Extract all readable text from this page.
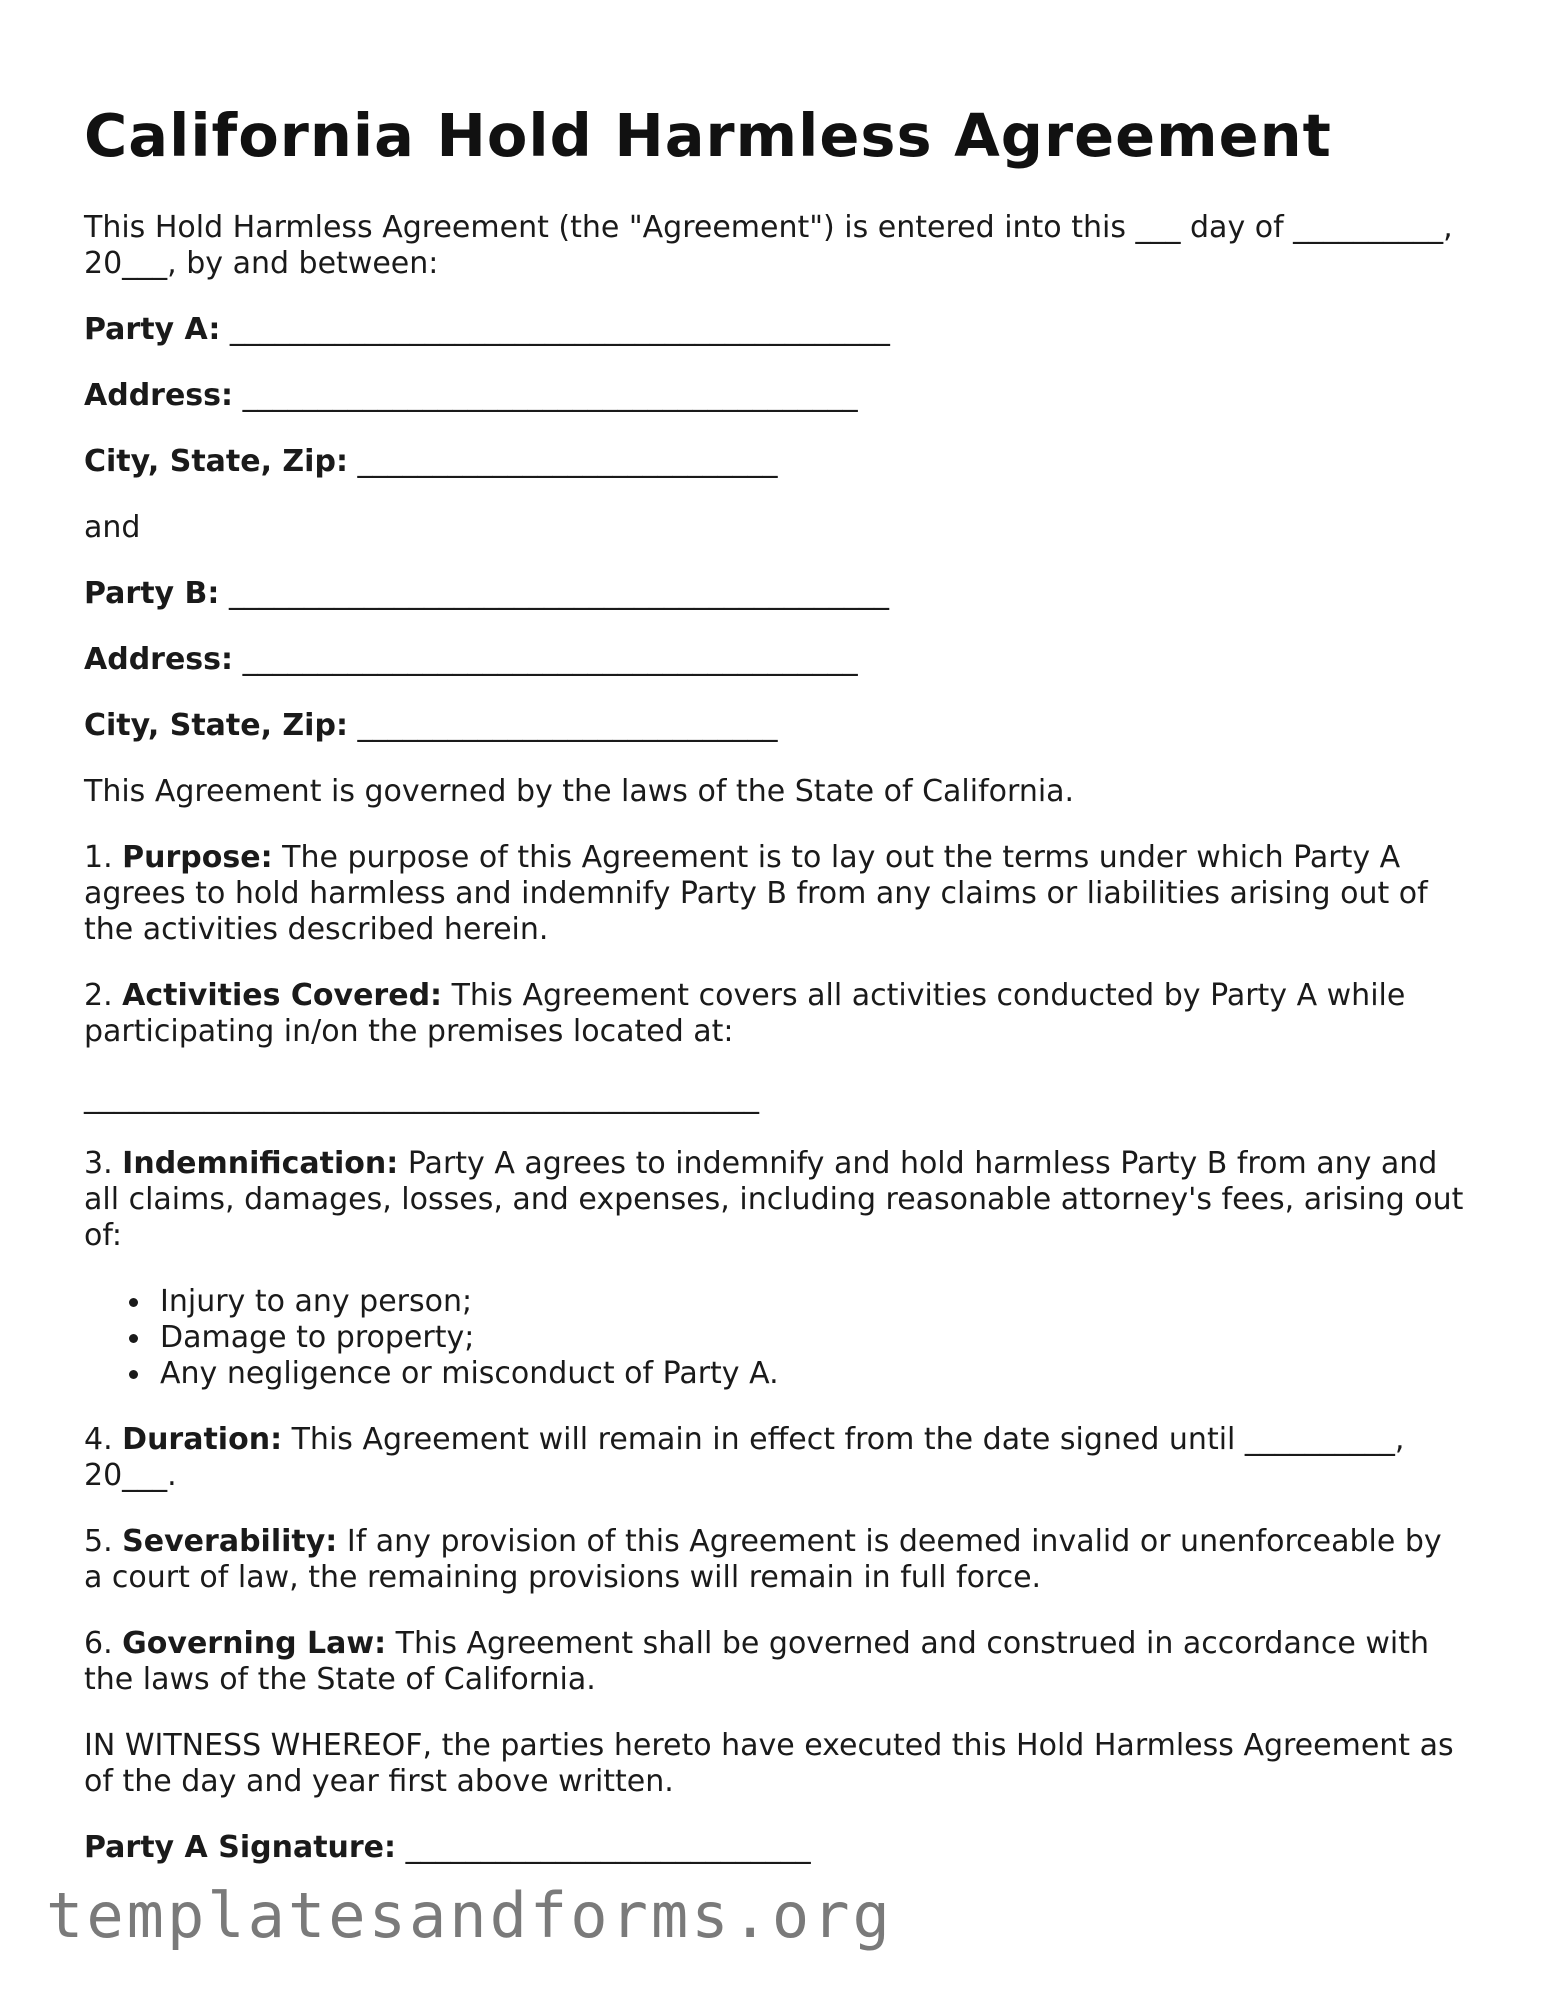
California Hold Harmless Agreement

This Hold Harmless Agreement (the "Agreement") is entered into this ___ day of __________, 20___, by and between:

Party A: ____________________________________________

Address: _________________________________________

City, State, Zip: ____________________________

and

Party B: ____________________________________________

Address: _________________________________________

City, State, Zip: ____________________________

This Agreement is governed by the laws of the State of California.

1. Purpose: The purpose of this Agreement is to lay out the terms under which Party A agrees to hold harmless and indemnify Party B from any claims or liabilities arising out of the activities described herein.

2. Activities Covered: This Agreement covers all activities conducted by Party A while participating in/on the premises located at:

_____________________________________________

3. Indemnification: Party A agrees to indemnify and hold harmless Party B from any and all claims, damages, losses, and expenses, including reasonable attorney's fees, arising out of:

Injury to any person;
Damage to property;
Any negligence or misconduct of Party A.

4. Duration: This Agreement will remain in effect from the date signed until __________, 20___.

5. Severability: If any provision of this Agreement is deemed invalid or unenforceable by a court of law, the remaining provisions will remain in full force.

6. Governing Law: This Agreement shall be governed and construed in accordance with the laws of the State of California.

IN WITNESS WHEREOF, the parties hereto have executed this Hold Harmless Agreement as of the day and year first above written.

Party A Signature: ___________________________

templatesandforms.org
